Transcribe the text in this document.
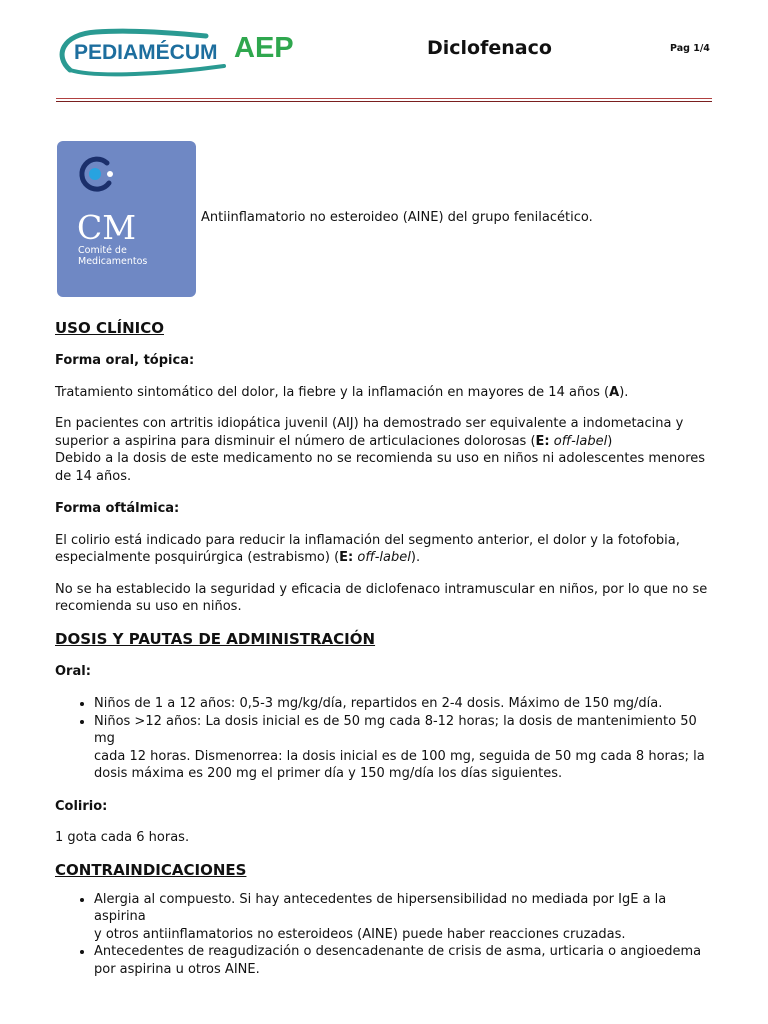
PEDIAMÉCUM AEP	Diclofenaco	Pag 1/4
CM
Comité de
Medicamentos
Antiinflamatorio no esteroideo (AINE) del grupo fenilacético.

USO CLÍNICO

Forma oral, tópica:

Tratamiento sintomático del dolor, la fiebre y la inflamación en mayores de 14 años (A).

En pacientes con artritis idiopática juvenil (AIJ) ha demostrado ser equivalente a indometacina y
superior a aspirina para disminuir el número de articulaciones dolorosas (E: off-label)
Debido a la dosis de este medicamento no se recomienda su uso en niños ni adolescentes menores
de 14 años.

Forma oftálmica:

El colirio está indicado para reducir la inflamación del segmento anterior, el dolor y la fotofobia,
especialmente posquirúrgica (estrabismo) (E: off-label).

No se ha establecido la seguridad y eficacia de diclofenaco intramuscular en niños, por lo que no se
recomienda su uso en niños.

DOSIS Y PAUTAS DE ADMINISTRACIÓN

Oral:

• Niños de 1 a 12 años: 0,5-3 mg/kg/día, repartidos en 2-4 dosis. Máximo de 150 mg/día.
• Niños >12 años: La dosis inicial es de 50 mg cada 8-12 horas; la dosis de mantenimiento 50 mg
cada 12 horas. Dismenorrea: la dosis inicial es de 100 mg, seguida de 50 mg cada 8 horas; la
dosis máxima es 200 mg el primer día y 150 mg/día los días siguientes.

Colirio:

1 gota cada 6 horas.

CONTRAINDICACIONES

• Alergia al compuesto. Si hay antecedentes de hipersensibilidad no mediada por IgE a la aspirina
y otros antiinflamatorios no esteroideos (AINE) puede haber reacciones cruzadas.
• Antecedentes de reagudización o desencadenante de crisis de asma, urticaria o angioedema
por aspirina u otros AINE.
